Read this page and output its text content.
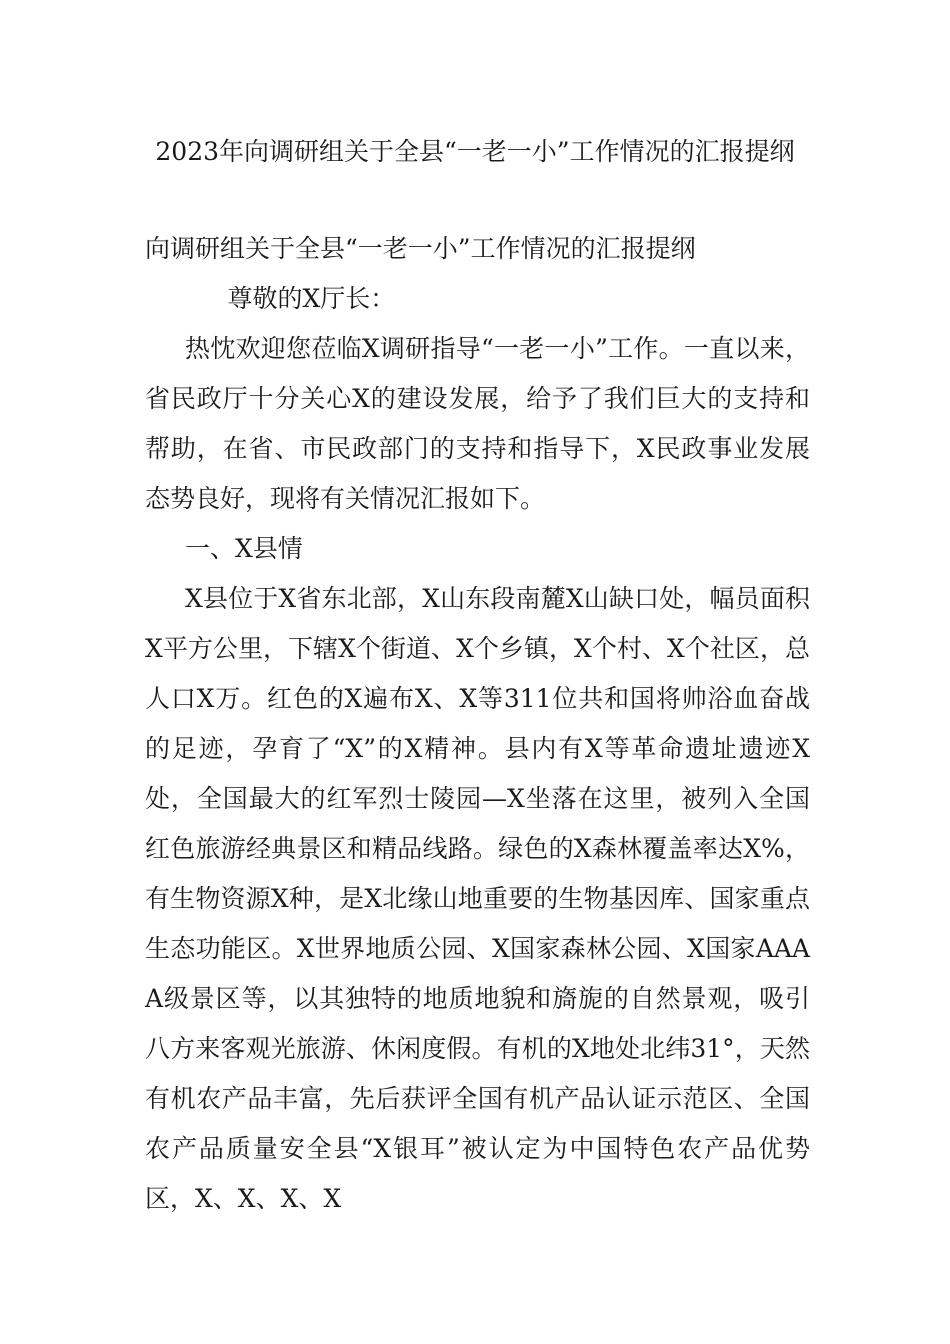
2023年向调研组关于全县“一老一小”工作情况的汇报提纲

向调研组关于全县“一老一小”工作情况的汇报提纲

尊敬的X厅长：

热忱欢迎您莅临X调研指导“一老一小”工作。一直以来，省民政厅十分关心X的建设发展，给予了我们巨大的支持和帮助，在省、市民政部门的支持和指导下，X民政事业发展态势良好，现将有关情况汇报如下。

一、X县情

X县位于X省东北部，X山东段南麓X山缺口处，幅员面积X平方公里，下辖X个街道、X个乡镇，X个村、X个社区，总人口X万。红色的X遍布X、X等311位共和国将帅浴血奋战的足迹，孕育了“X”的X精神。县内有X等革命遗址遗迹X处，全国最大的红军烈士陵园—X坐落在这里，被列入全国红色旅游经典景区和精品线路。绿色的X森林覆盖率达X%，有生物资源X种，是X北缘山地重要的生物基因库、国家重点生态功能区。X世界地质公园、X国家森林公园、X国家AAAA级景区等，以其独特的地质地貌和旖旎的自然景观，吸引八方来客观光旅游、休闲度假。有机的X地处北纬31°，天然有机农产品丰富，先后获评全国有机产品认证示范区、全国农产品质量安全县“X银耳”被认定为中国特色农产品优势区，X、X、X、X
